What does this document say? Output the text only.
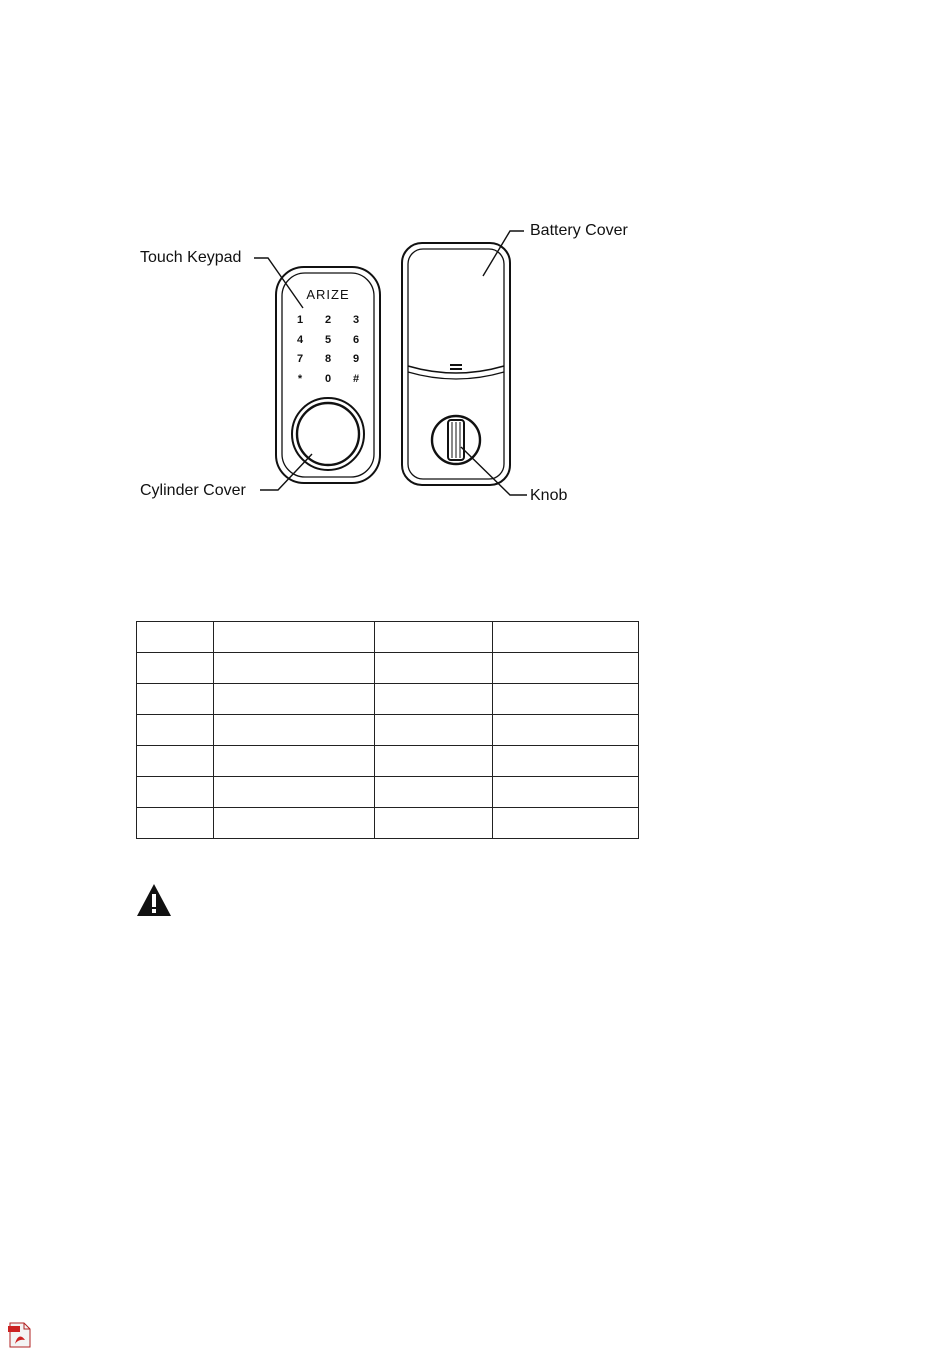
ARIZE
1 2 3
4 5 6
7 8 9
* 0 #
Touch Keypad
Cylinder Cover
Battery Cover
Knob
